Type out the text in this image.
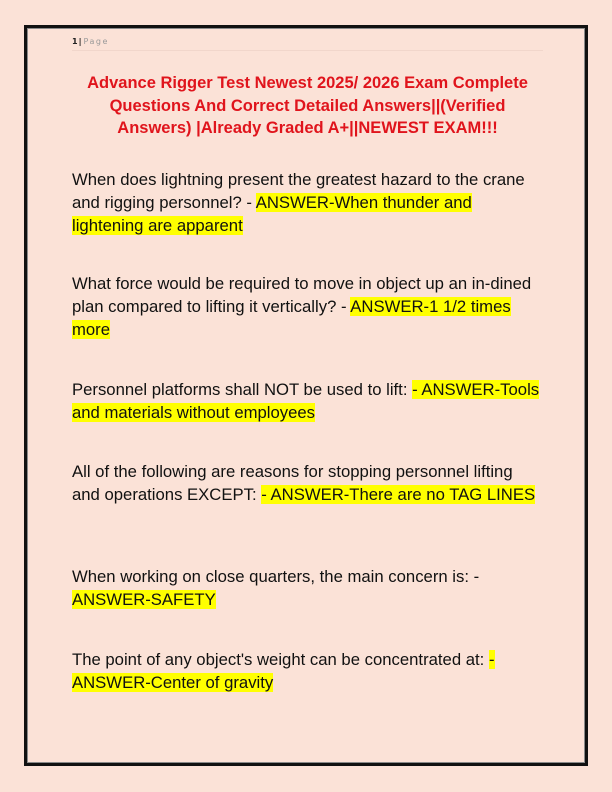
1| Page
Advance Rigger Test Newest 2025/ 2026 Exam Complete Questions And Correct Detailed Answers||(Verified Answers) |Already Graded A+||NEWEST EXAM!!!

When does lightning present the greatest hazard to the crane and rigging personnel? - ANSWER-When thunder and lightening are apparent

What force would be required to move in object up an in-dined plan compared to lifting it vertically? - ANSWER-1 1/2 times more

Personnel platforms shall NOT be used to lift: - ANSWER-Tools and materials without employees

All of the following are reasons for stopping personnel lifting and operations EXCEPT: - ANSWER-There are no TAG LINES

When working on close quarters, the main concern is: - ANSWER-SAFETY

The point of any object's weight can be concentrated at: - ANSWER-Center of gravity
